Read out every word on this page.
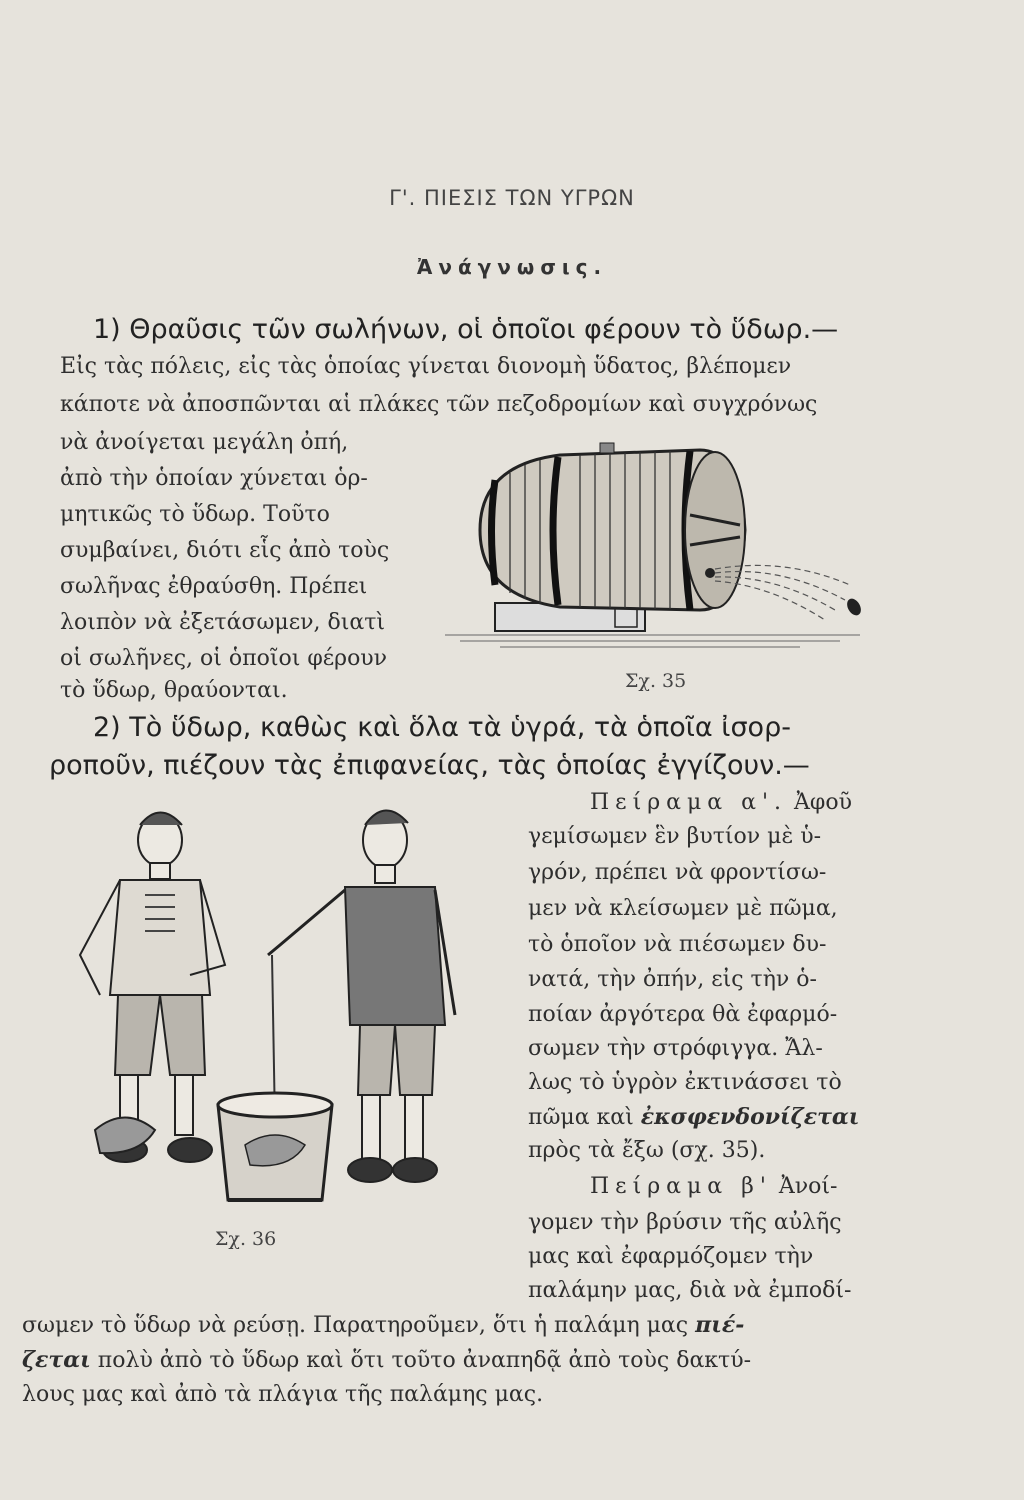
Γ'. ΠΙΕΣΙΣ ΤΩΝ ΥΓΡΩΝ
Ἀνάγνωσις.
1) Θραῦσις τῶν σωλήνων, οἱ ὁποῖοι φέρουν τὸ ὕδωρ.—
Εἰς τὰς πόλεις, εἰς τὰς ὁποίας γίνεται διονομὴ ὕδατος, βλέπομεν
κάποτε νὰ ἀποσπῶνται αἱ πλάκες τῶν πεζοδρομίων καὶ συγχρόνως
νὰ ἀνοίγεται μεγάλη ὀπή,
ἀπὸ τὴν ὁποίαν χύνεται ὁρ-
μητικῶς τὸ ὕδωρ. Τοῦτο
συμβαίνει, διότι εἷς ἀπὸ τοὺς
σωλῆνας ἐθραύσθη. Πρέπει
λοιπὸν νὰ ἐξετάσωμεν, διατὶ
οἱ σωλῆνες, οἱ ὁποῖοι φέρουν
τὸ ὕδωρ, θραύονται.	Σχ. 35
2) Τὸ ὕδωρ, καθὼς καὶ ὅλα τὰ ὑγρά, τὰ ὁποῖα ἰσορ-
ροποῦν, πιέζουν τὰς ἐπιφανείας, τὰς ὁποίας ἐγγίζουν.—
Πείραμα α'. Ἀφοῦ
γεμίσωμεν ἓν βυτίον μὲ ὑ-
γρόν, πρέπει νὰ φροντίσω-
μεν νὰ κλείσωμεν μὲ πῶμα,
τὸ ὁποῖον νὰ πιέσωμεν δυ-
νατά, τὴν ὀπήν, εἰς τὴν ὁ-
ποίαν ἀργότερα θὰ ἐφαρμό-
σωμεν τὴν στρόφιγγα. Ἄλ-
λως τὸ ὑγρὸν ἐκτινάσσει τὸ
πῶμα καὶ ἐκσφενδονίζεται
πρὸς τὰ ἔξω (σχ. 35).
Πείραμα β' Ἀνοί-
γομεν τὴν βρύσιν τῆς αὐλῆς
μας καὶ ἐφαρμόζομεν τὴν
παλάμην μας, διὰ νὰ ἐμποδί-
Σχ. 36
σωμεν τὸ ὕδωρ νὰ ρεύσῃ. Παρατηροῦμεν, ὅτι ἡ παλάμη μας πιέ-
ζεται πολὺ ἀπὸ τὸ ὕδωρ καὶ ὅτι τοῦτο ἀναπηδᾷ ἀπὸ τοὺς δακτύ-
λους μας καὶ ἀπὸ τὰ πλάγια τῆς παλάμης μας.
